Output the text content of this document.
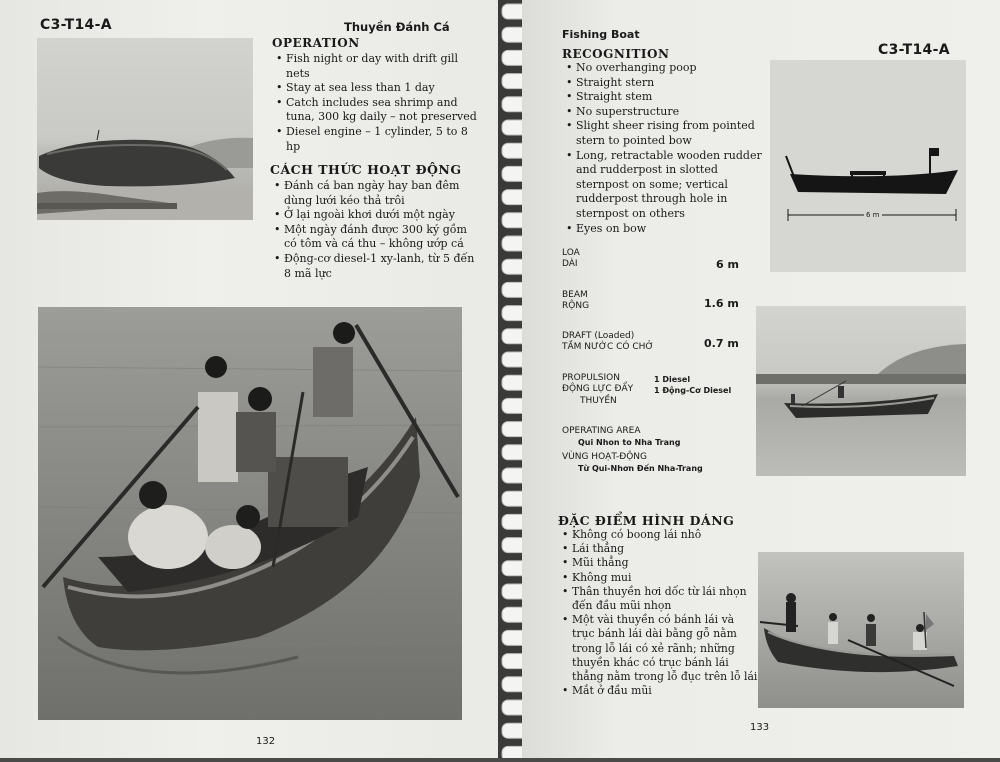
C3-T14-A	Thuyền Đánh Cá
OPERATION
• Fish night or day with drift gill nets
• Stay at sea less than 1 day
• Catch includes sea shrimp and tuna, 300 kg daily – not preserved
• Diesel engine – 1 cylinder, 5 to 8 hp
CÁCH THỨC HOẠT ĐỘNG
• Đánh cá ban ngày hay ban đêm dùng lưới kéo thả trôi
• Ở lại ngoài khơi dưới một ngày
• Một ngày đánh được 300 ký gồm có tôm và cá thu – không ướp cá
• Động-cơ diesel-1 xy-lanh, từ 5 đến 8 mã lực
132
Fishing Boat
C3-T14-A
RECOGNITION
• No overhanging poop
• Straight stern
• Straight stem
• No superstructure
• Slight sheer rising from pointed stern to pointed bow
• Long, retractable wooden rudder and rudderpost in slotted sternpost on some; vertical rudderpost through hole in sternpost on others
• Eyes on bow
6 m
LOA
DÀI	6 m
BEAM
RỘNG	1.6 m
DRAFT (Loaded)
TẦM NƯỚC CÓ CHỞ	0.7 m
PROPULSION
ĐỘNG LỰC ĐẨY
THUYỀN
1 Diesel
1 Động-Cơ Diesel
OPERATING AREA
Qui Nhon to Nha Trang
VÙNG HOẠT-ĐỘNG
Từ Qui-Nhơn Đến Nha-Trang
ĐẶC ĐIỂM HÌNH DÁNG
• Không có boong lái nhô
• Lái thẳng
• Mũi thẳng
• Không mui
• Thân thuyền hơi dốc từ lái nhọn đến đầu mũi nhọn
• Một vài thuyền có bánh lái và trục bánh lái dài bằng gỗ nằm trong lỗ lái có xẻ rãnh; những thuyền khác có trục bánh lái thẳng nằm trong lỗ đục trên lỗ lái
• Mắt ở đầu mũi
133
